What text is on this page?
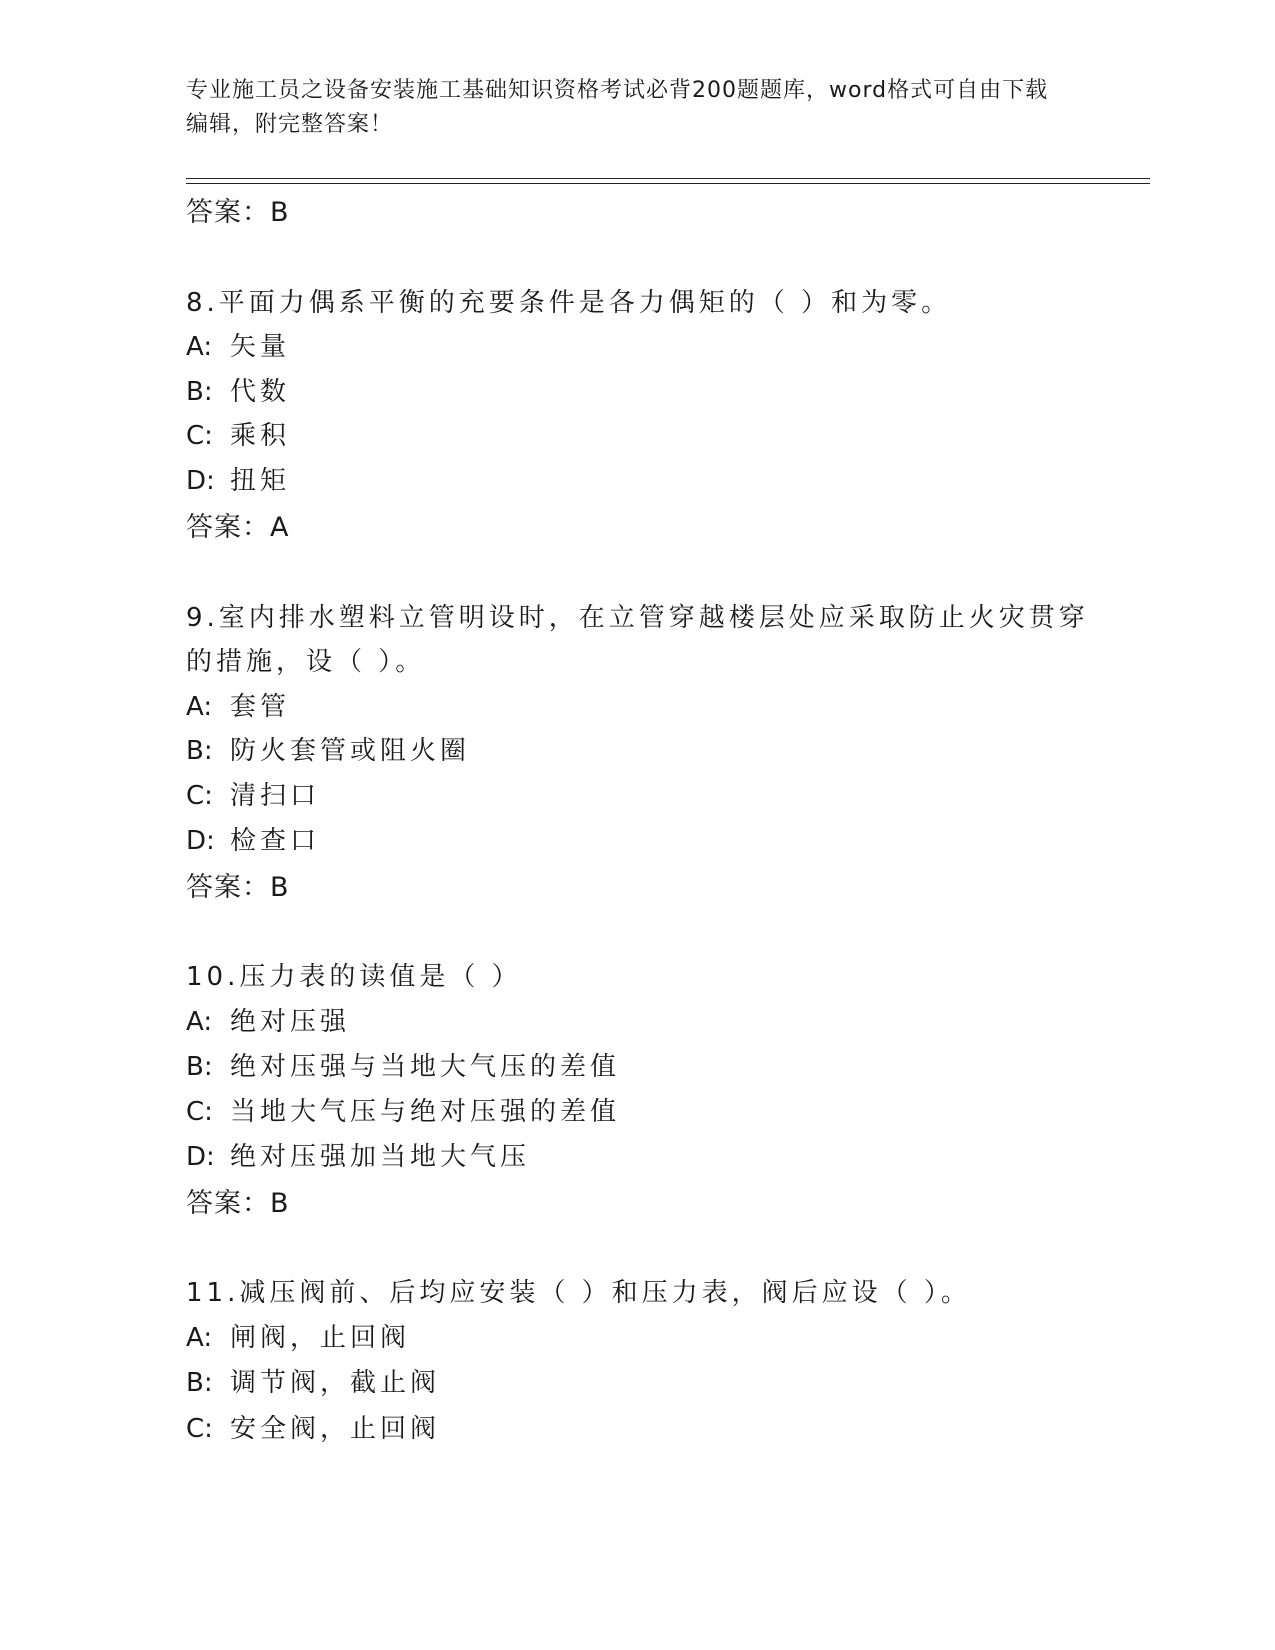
专业施工员之设备安装施工基础知识资格考试必背200题题库，word格式可自由下载编辑，附完整答案！
答案：B
8.平面力偶系平衡的充要条件是各力偶矩的（ ）和为零。
A: 矢量
B: 代数
C: 乘积
D: 扭矩
答案：A
9.室内排水塑料立管明设时，在立管穿越楼层处应采取防止火灾贯穿
的措施，设（ ）。
A: 套管
B: 防火套管或阻火圈
C: 清扫口
D: 检查口
答案：B
10.压力表的读值是（ ）
A: 绝对压强
B: 绝对压强与当地大气压的差值
C: 当地大气压与绝对压强的差值
D: 绝对压强加当地大气压
答案：B
11.减压阀前、后均应安装（ ）和压力表，阀后应设（ ）。
A: 闸阀，止回阀
B: 调节阀，截止阀
C: 安全阀，止回阀
